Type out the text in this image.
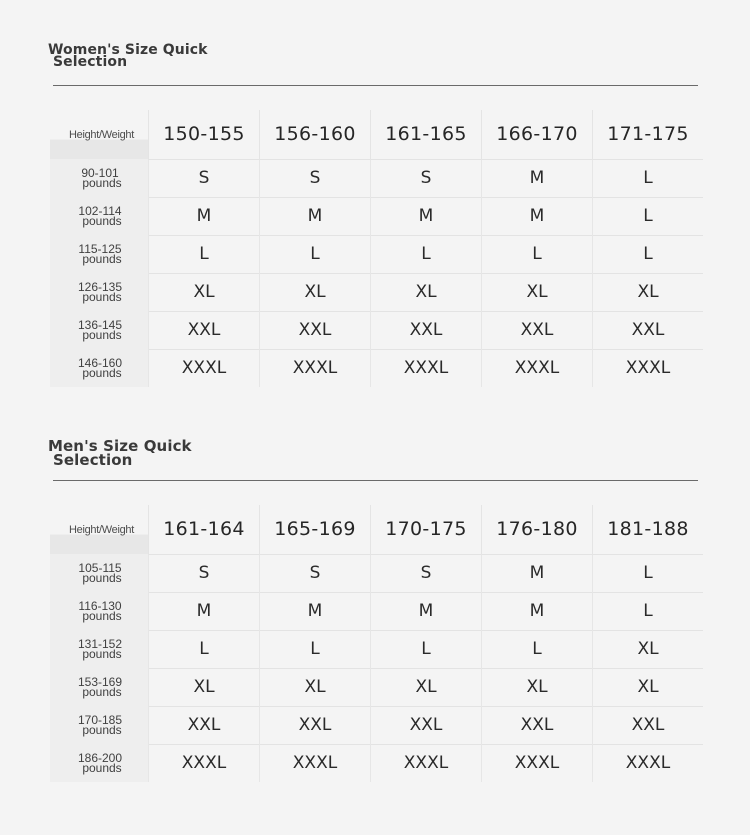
Women's Size Quick
Selection
Height/Weight	150-155	156-160	161-165	166-170	171-175

90-101
pounds	S	S	S	M	L

102-114
pounds	M	M	M	M	L

115-125
pounds	L	L	L	L	L

126-135
pounds	XL	XL	XL	XL	XL

136-145
pounds	XXL	XXL	XXL	XXL	XXL

146-160
pounds	XXXL	XXXL	XXXL	XXXL	XXXL
Men's Size Quick
Selection
Height/Weight	161-164	165-169	170-175	176-180	181-188

105-115
pounds	S	S	S	M	L

116-130
pounds	M	M	M	M	L

131-152
pounds	L	L	L	L	XL

153-169
pounds	XL	XL	XL	XL	XL

170-185
pounds	XXL	XXL	XXL	XXL	XXL

186-200
pounds	XXXL	XXXL	XXXL	XXXL	XXXL
